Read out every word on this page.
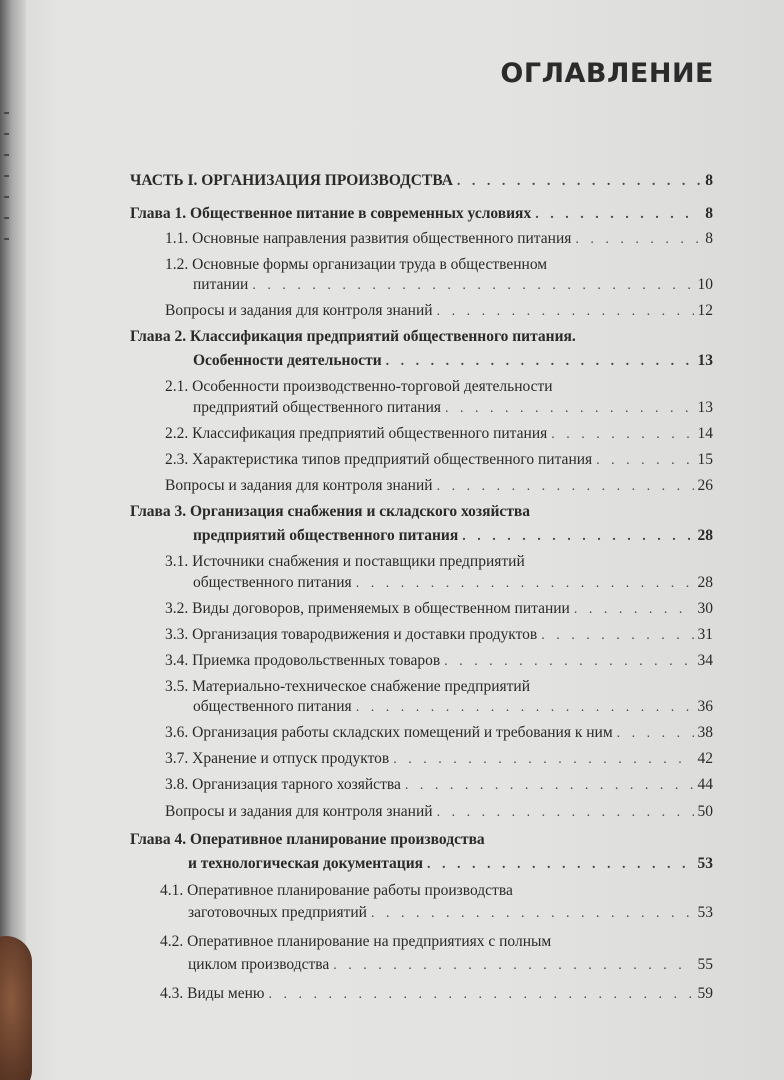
ОГЛАВЛЕНИЕ
ЧАСТЬ I. ОРГАНИЗАЦИЯ ПРОИЗВОДСТВА . . .	8
Глава 1. Общественное питание в современных условиях . . .	8
1.1. Основные направления развития общественного питания . . .	8
1.2. Основные формы организации труда в общественном
питании . . .	10
Вопросы и задания для контроля знаний . . .	12
Глава 2. Классификация предприятий общественного питания.
Особенности деятельности . . .	13
2.1. Особенности производственно-торговой деятельности
предприятий общественного питания . . .	13
2.2. Классификация предприятий общественного питания . . .	14
2.3. Характеристика типов предприятий общественного питания . . .	15
Вопросы и задания для контроля знаний . . .	26
Глава 3. Организация снабжения и складского хозяйства
предприятий общественного питания . . .	28
3.1. Источники снабжения и поставщики предприятий
общественного питания . . .	28
3.2. Виды договоров, применяемых в общественном питании . . .	30
3.3. Организация товародвижения и доставки продуктов . . .	31
3.4. Приемка продовольственных товаров . . .	34
3.5. Материально-техническое снабжение предприятий
общественного питания . . .	36
3.6. Организация работы складских помещений и требования к ним . . .	38
3.7. Хранение и отпуск продуктов . . .	42
3.8. Организация тарного хозяйства . . .	44
Вопросы и задания для контроля знаний . . .	50
Глава 4. Оперативное планирование производства
и технологическая документация . . .	53
4.1. Оперативное планирование работы производства
заготовочных предприятий . . .	53
4.2. Оперативное планирование на предприятиях с полным
циклом производства . . .	55
4.3. Виды меню . . .	59
